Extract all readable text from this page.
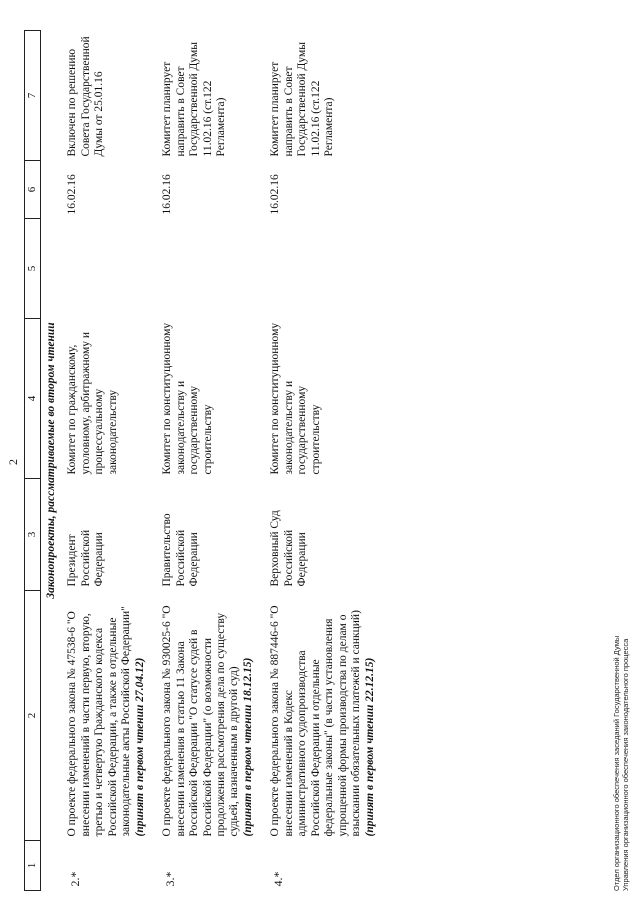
2
1	2	3	4	5	6	7
Законопроекты, рассматриваемые во втором чтении						
2.*	О проекте федерального закона № 47538-6 "О внесении изменений в части первую, вторую, третью и четвертую Гражданского кодекса Российской Федерации, а также в отдельные законодательные акты Российской Федерации" (принят в первом чтении 27.04.12)	Президент Российской Федерации	Комитет по гражданскому, уголовному, арбитражному и процессуальному законодательству		16.02.16	Включен по решению Совета Государственной Думы от 25.01.16

3.*	О проекте федерального закона № 930025-6 "О внесении изменения в статью 11 Закона Российской Федерации "О статусе судей в Российской Федерации" (о возможности продолжения рассмотрения дела по существу судьей, назначенным в другой суд) (принят в первом чтении 18.12.15)	Правительство Российской Федерации	Комитет по конституционному законодательству и государственному строительству		16.02.16	Комитет планирует направить в Совет Государственной Думы 11.02.16 (ст.122 Регламента)

4.*	О проекте федерального закона № 887446-6 "О внесении изменений в Кодекс административного судопроизводства Российской Федерации и отдельные федеральные законы" (в части установления упрощенной формы производства по делам о взыскании обязательных платежей и санкций) (принят в первом чтении 22.12.15)	Верховный Суд Российской Федерации	Комитет по конституционному законодательству и государственному строительству		16.02.16	Комитет планирует направить в Совет Государственной Думы 11.02.16 (ст.122 Регламента)
Отдел организационного обеспечения заседаний Государственной Думы Управления организационного обеспечения законодательного процесса
